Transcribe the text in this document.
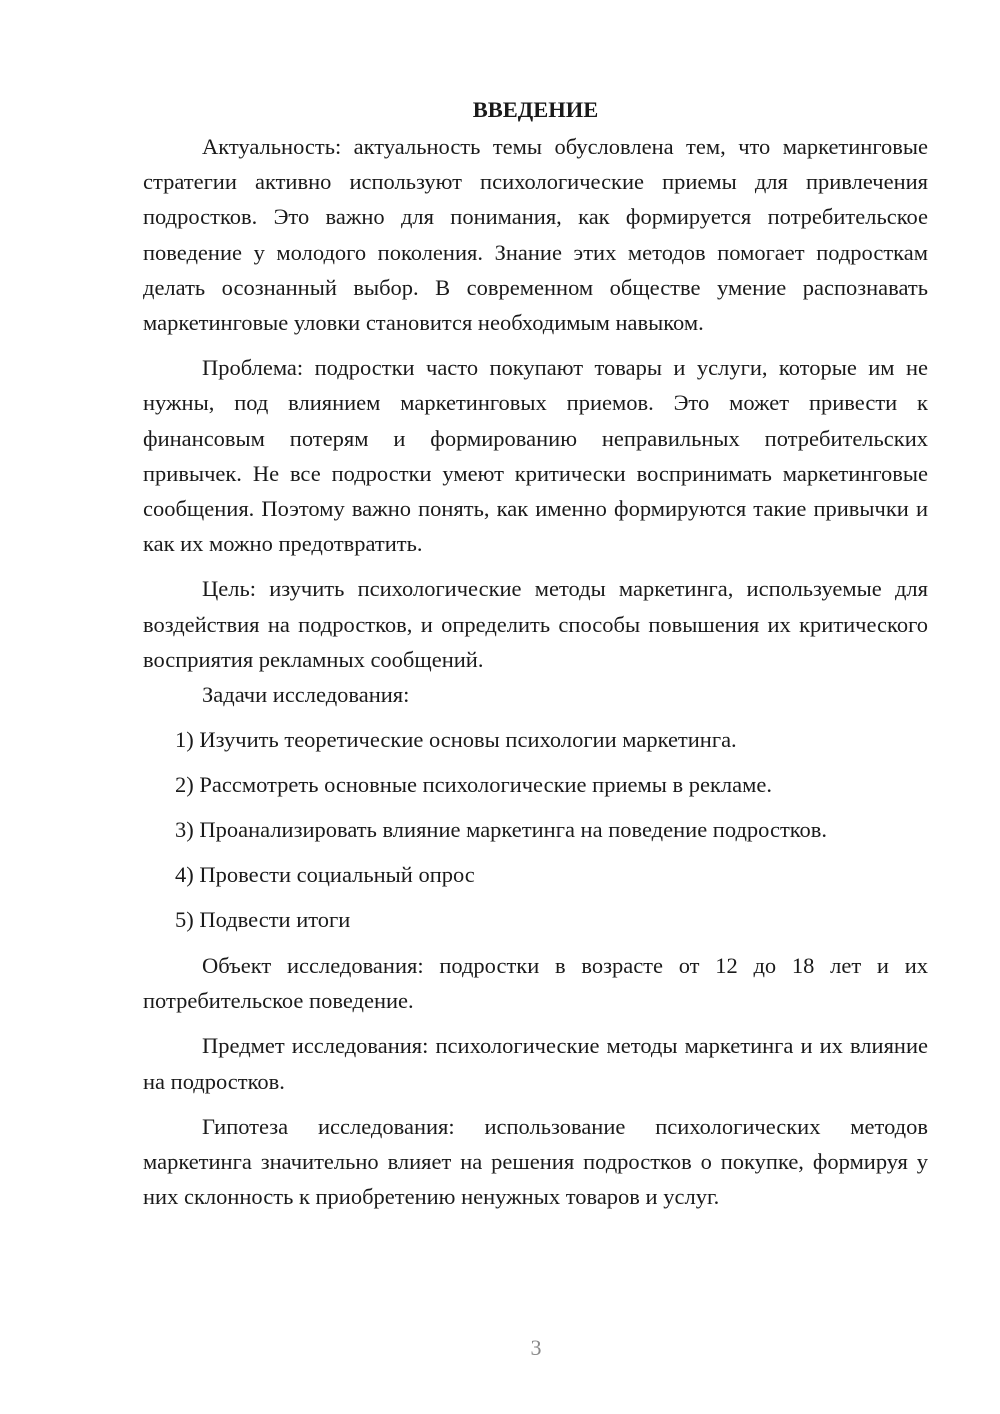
ВВЕДЕНИЕ

Актуальность: актуальность темы обусловлена тем, что маркетинговые стратегии активно используют психологические приемы для привлечения подростков. Это важно для понимания, как формируется потребительское поведение у молодого поколения. Знание этих методов помогает подросткам делать осознанный выбор. В современном обществе умение распознавать маркетинговые уловки становится необходимым навыком.

Проблема: подростки часто покупают товары и услуги, которые им не нужны, под влиянием маркетинговых приемов. Это может привести к финансовым потерям и формированию неправильных потребительских привычек. Не все подростки умеют критически воспринимать маркетинговые сообщения. Поэтому важно понять, как именно формируются такие привычки и как их можно предотвратить.

Цель: изучить психологические методы маркетинга, используемые для воздействия на подростков, и определить способы повышения их критического восприятия рекламных сообщений.

Задачи исследования:

1) Изучить теоретические основы психологии маркетинга.

2) Рассмотреть основные психологические приемы в рекламе.

3) Проанализировать влияние маркетинга на поведение подростков.

4) Провести социальный опрос

5) Подвести итоги

Объект исследования: подростки в возрасте от 12 до 18 лет и их потребительское поведение.

Предмет исследования: психологические методы маркетинга и их влияние на подростков.

Гипотеза исследования: использование психологических методов маркетинга значительно влияет на решения подростков о покупке, формируя у них склонность к приобретению ненужных товаров и услуг.

3
